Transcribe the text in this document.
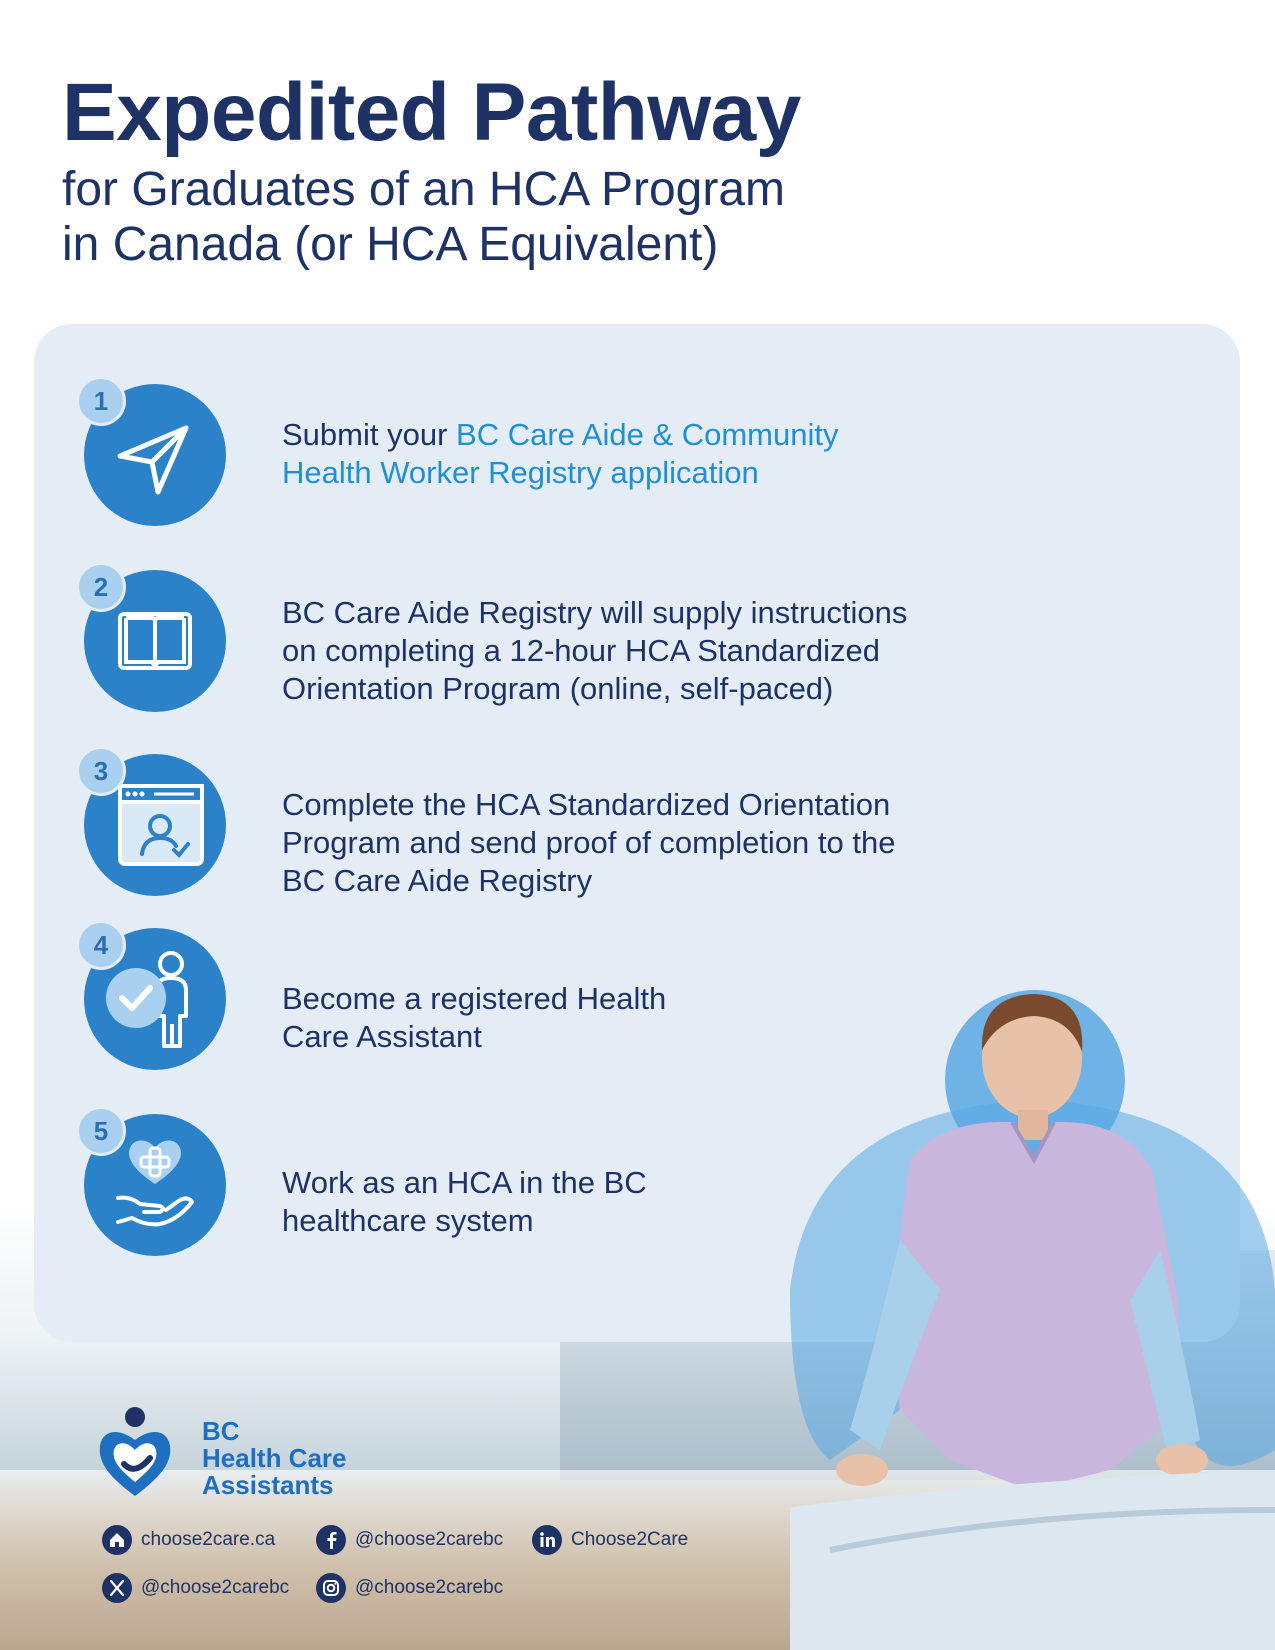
Expedited Pathway
for Graduates of an HCA Program
in Canada (or HCA Equivalent)
1
Submit your BC Care Aide & Community
Health Worker Registry application
2
BC Care Aide Registry will supply instructions
on completing a 12-hour HCA Standardized
Orientation Program (online, self-paced)
3
Complete the HCA Standardized Orientation
Program and send proof of completion to the
BC Care Aide Registry
4
Become a registered Health
Care Assistant
5
Work as an HCA in the BC
healthcare system
BC
Health Care
Assistants
choose2care.ca	@choose2carebc	Choose2Care
@choose2carebc	@choose2carebc
